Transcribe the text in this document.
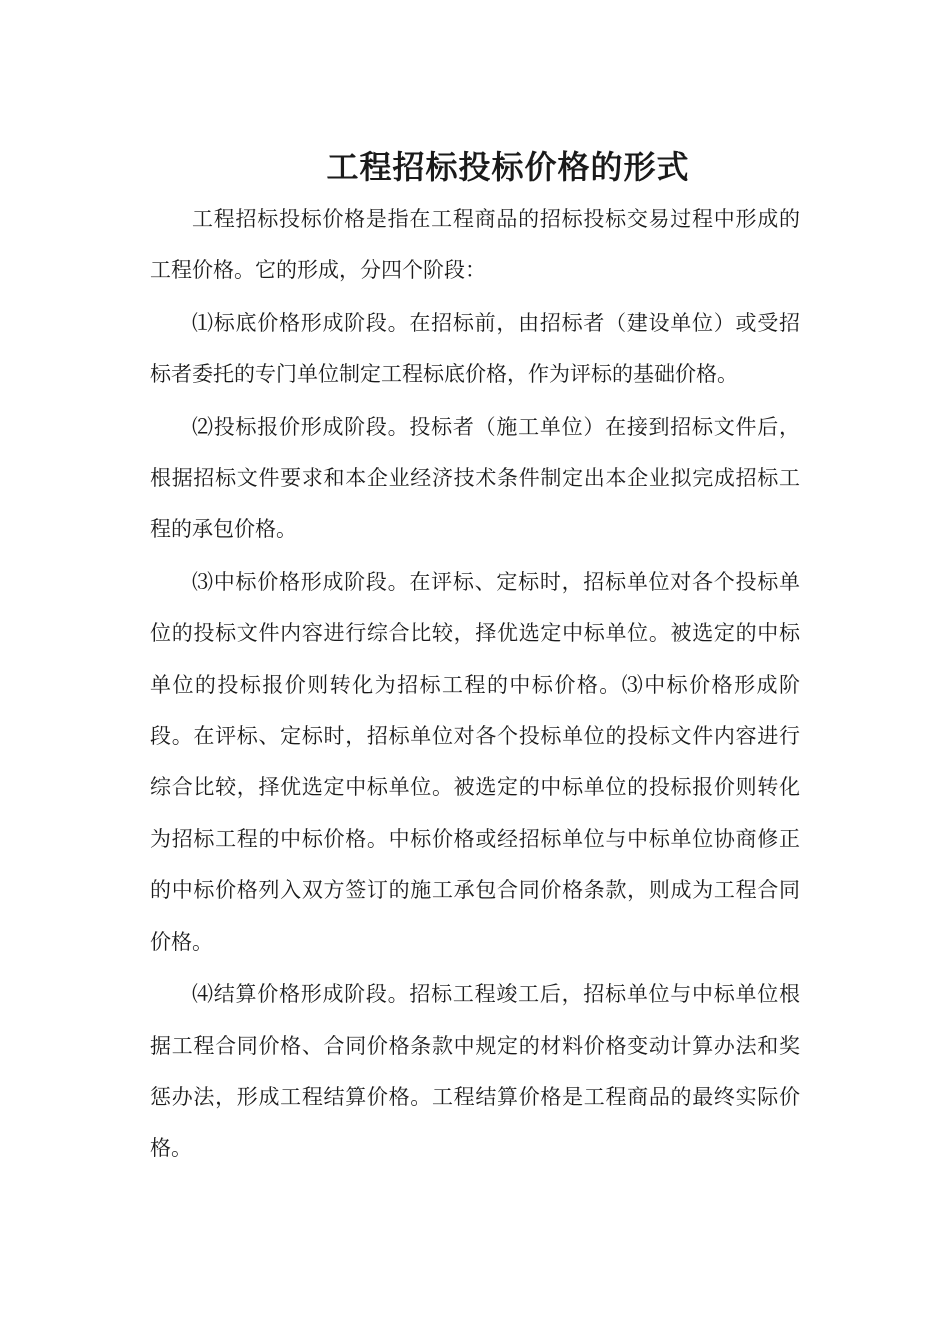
工程招标投标价格的形式

工程招标投标价格是指在工程商品的招标投标交易过程中形成的工程价格。它的形成，分四个阶段：

⑴标底价格形成阶段。在招标前，由招标者（建设单位）或受招标者委托的专门单位制定工程标底价格，作为评标的基础价格。

⑵投标报价形成阶段。投标者（施工单位）在接到招标文件后，根据招标文件要求和本企业经济技术条件制定出本企业拟完成招标工程的承包价格。

⑶中标价格形成阶段。在评标、定标时，招标单位对各个投标单位的投标文件内容进行综合比较，择优选定中标单位。被选定的中标单位的投标报价则转化为招标工程的中标价格。⑶中标价格形成阶段。在评标、定标时，招标单位对各个投标单位的投标文件内容进行综合比较，择优选定中标单位。被选定的中标单位的投标报价则转化为招标工程的中标价格。中标价格或经招标单位与中标单位协商修正的中标价格列入双方签订的施工承包合同价格条款，则成为工程合同价格。

⑷结算价格形成阶段。招标工程竣工后，招标单位与中标单位根据工程合同价格、合同价格条款中规定的材料价格变动计算办法和奖惩办法，形成工程结算价格。工程结算价格是工程商品的最终实际价格。
